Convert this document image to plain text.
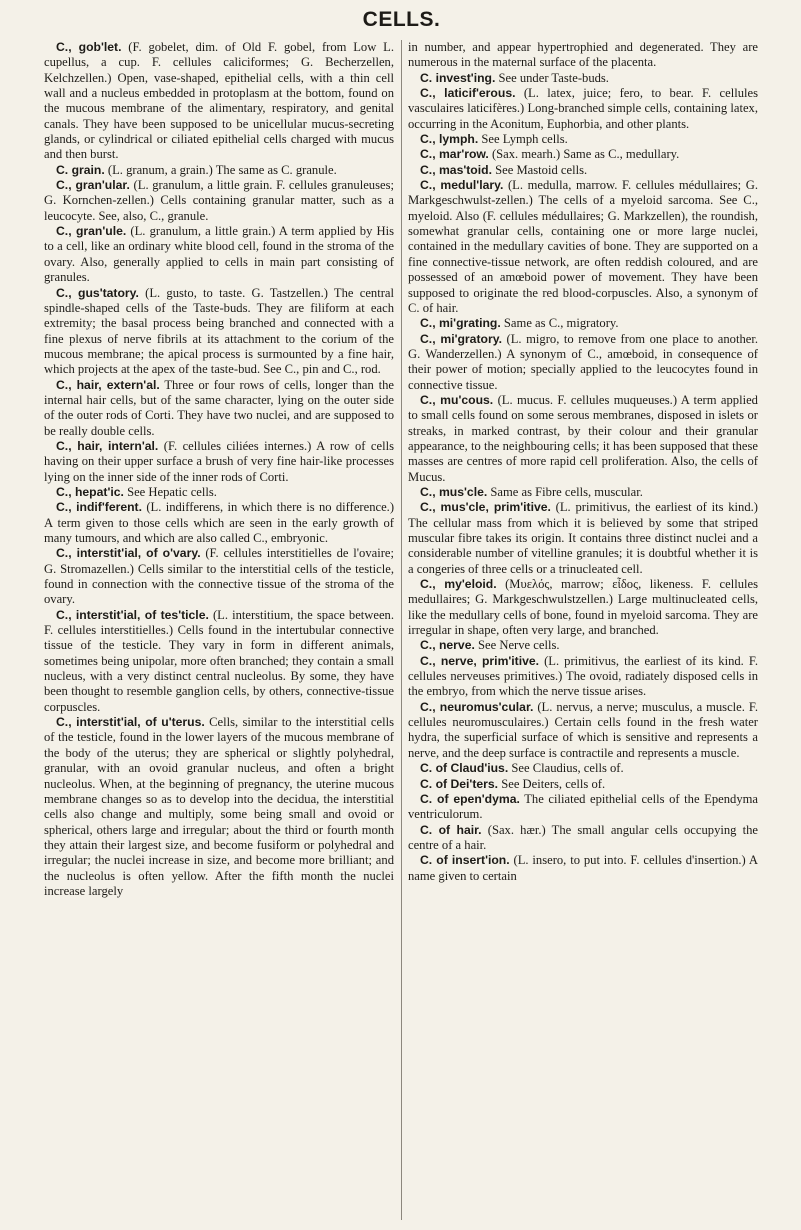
CELLS.

C., gob'let. (F. gobelet, dim. of Old F. gobel, from Low L. cupellus, a cup. F. cellules caliciformes; G. Becherzellen, Kelchzellen.) Open, vase-shaped, epithelial cells, with a thin cell wall and a nucleus embedded in protoplasm at the bottom, found on the mucous membrane of the alimentary, respiratory, and genital canals. They have been supposed to be unicellular mucus-secreting glands, or cylindrical or ciliated epithelial cells charged with mucus and then burst.

C. grain. (L. granum, a grain.) The same as C. granule.

C., gran'ular. (L. granulum, a little grain. F. cellules granuleuses; G. Kornchen-zellen.) Cells containing granular matter, such as a leucocyte. See, also, C., granule.

C., gran'ule. (L. granulum, a little grain.) A term applied by His to a cell, like an ordinary white blood cell, found in the stroma of the ovary. Also, generally applied to cells in main part consisting of granules.

C., gus'tatory. (L. gusto, to taste. G. Tastzellen.) The central spindle-shaped cells of the Taste-buds. They are filiform at each extremity; the basal process being branched and connected with a fine plexus of nerve fibrils at its attachment to the corium of the mucous membrane; the apical process is surmounted by a fine hair, which projects at the apex of the taste-bud. See C., pin and C., rod.

C., hair, extern'al. Three or four rows of cells, longer than the internal hair cells, but of the same character, lying on the outer side of the outer rods of Corti. They have two nuclei, and are supposed to be really double cells.

C., hair, intern'al. (F. cellules ciliées internes.) A row of cells having on their upper surface a brush of very fine hair-like processes lying on the inner side of the inner rods of Corti.

C., hepat'ic. See Hepatic cells.

C., indif'ferent. (L. indifferens, in which there is no difference.) A term given to those cells which are seen in the early growth of many tumours, and which are also called C., embryonic.

C., interstit'ial, of o'vary. (F. cellules interstitielles de l'ovaire; G. Stromazellen.) Cells similar to the interstitial cells of the testicle, found in connection with the connective tissue of the stroma of the ovary.

C., interstit'ial, of tes'ticle. (L. interstitium, the space between. F. cellules interstitielles.) Cells found in the intertubular connective tissue of the testicle. They vary in form in different animals, sometimes being unipolar, more often branched; they contain a small nucleus, with a very distinct central nucleolus. By some, they have been thought to resemble ganglion cells, by others, connective-tissue corpuscles.

C., interstit'ial, of u'terus. Cells, similar to the interstitial cells of the testicle, found in the lower layers of the mucous membrane of the body of the uterus; they are spherical or slightly polyhedral, granular, with an ovoid granular nucleus, and often a bright nucleolus. When, at the beginning of pregnancy, the uterine mucous membrane changes so as to develop into the decidua, the interstitial cells also change and multiply, some being small and ovoid or spherical, others large and irregular; about the third or fourth month they attain their largest size, and become fusiform or polyhedral and irregular; the nuclei increase in size, and become more brilliant; and the nucleolus is often yellow. After the fifth month the nuclei increase largely

in number, and appear hypertrophied and degenerated. They are numerous in the maternal surface of the placenta.

C. invest'ing. See under Taste-buds.

C., laticif'erous. (L. latex, juice; fero, to bear. F. cellules vasculaires laticifères.) Long-branched simple cells, containing latex, occurring in the Aconitum, Euphorbia, and other plants.

C., lymph. See Lymph cells.

C., mar'row. (Sax. mearh.) Same as C., medullary.

C., mas'toid. See Mastoid cells.

C., medul'lary. (L. medulla, marrow. F. cellules médullaires; G. Markgeschwulst-zellen.) The cells of a myeloid sarcoma. See C., myeloid. Also (F. cellules médullaires; G. Markzellen), the roundish, somewhat granular cells, containing one or more large nuclei, contained in the medullary cavities of bone. They are supported on a fine connective-tissue network, are often reddish coloured, and are possessed of an amœboid power of movement. They have been supposed to originate the red blood-corpuscles. Also, a synonym of C. of hair.

C., mi'grating. Same as C., migratory.

C., mi'gratory. (L. migro, to remove from one place to another. G. Wanderzellen.) A synonym of C., amœboid, in consequence of their power of motion; specially applied to the leucocytes found in connective tissue.

C., mu'cous. (L. mucus. F. cellules muqueuses.) A term applied to small cells found on some serous membranes, disposed in islets or streaks, in marked contrast, by their colour and their granular appearance, to the neighbouring cells; it has been supposed that these masses are centres of more rapid cell proliferation. Also, the cells of Mucus.

C., mus'cle. Same as Fibre cells, muscular.

C., mus'cle, prim'itive. (L. primitivus, the earliest of its kind.) The cellular mass from which it is believed by some that striped muscular fibre takes its origin. It contains three distinct nuclei and a considerable number of vitelline granules; it is doubtful whether it is a congeries of three cells or a trinucleated cell.

C., my'eloid. (Μυελός, marrow; εἶδος, likeness. F. cellules medullaires; G. Markgeschwulstzellen.) Large multinucleated cells, like the medullary cells of bone, found in myeloid sarcoma. They are irregular in shape, often very large, and branched.

C., nerve. See Nerve cells.

C., nerve, prim'itive. (L. primitivus, the earliest of its kind. F. cellules nerveuses primitives.) The ovoid, radiately disposed cells in the embryo, from which the nerve tissue arises.

C., neuromus'cular. (L. nervus, a nerve; musculus, a muscle. F. cellules neuromusculaires.) Certain cells found in the fresh water hydra, the superficial surface of which is sensitive and represents a nerve, and the deep surface is contractile and represents a muscle.

C. of Claud'ius. See Claudius, cells of.

C. of Dei'ters. See Deiters, cells of.

C. of epen'dyma. The ciliated epithelial cells of the Ependyma ventriculorum.

C. of hair. (Sax. hær.) The small angular cells occupying the centre of a hair.

C. of insert'ion. (L. insero, to put into. F. cellules d'insertion.) A name given to certain
